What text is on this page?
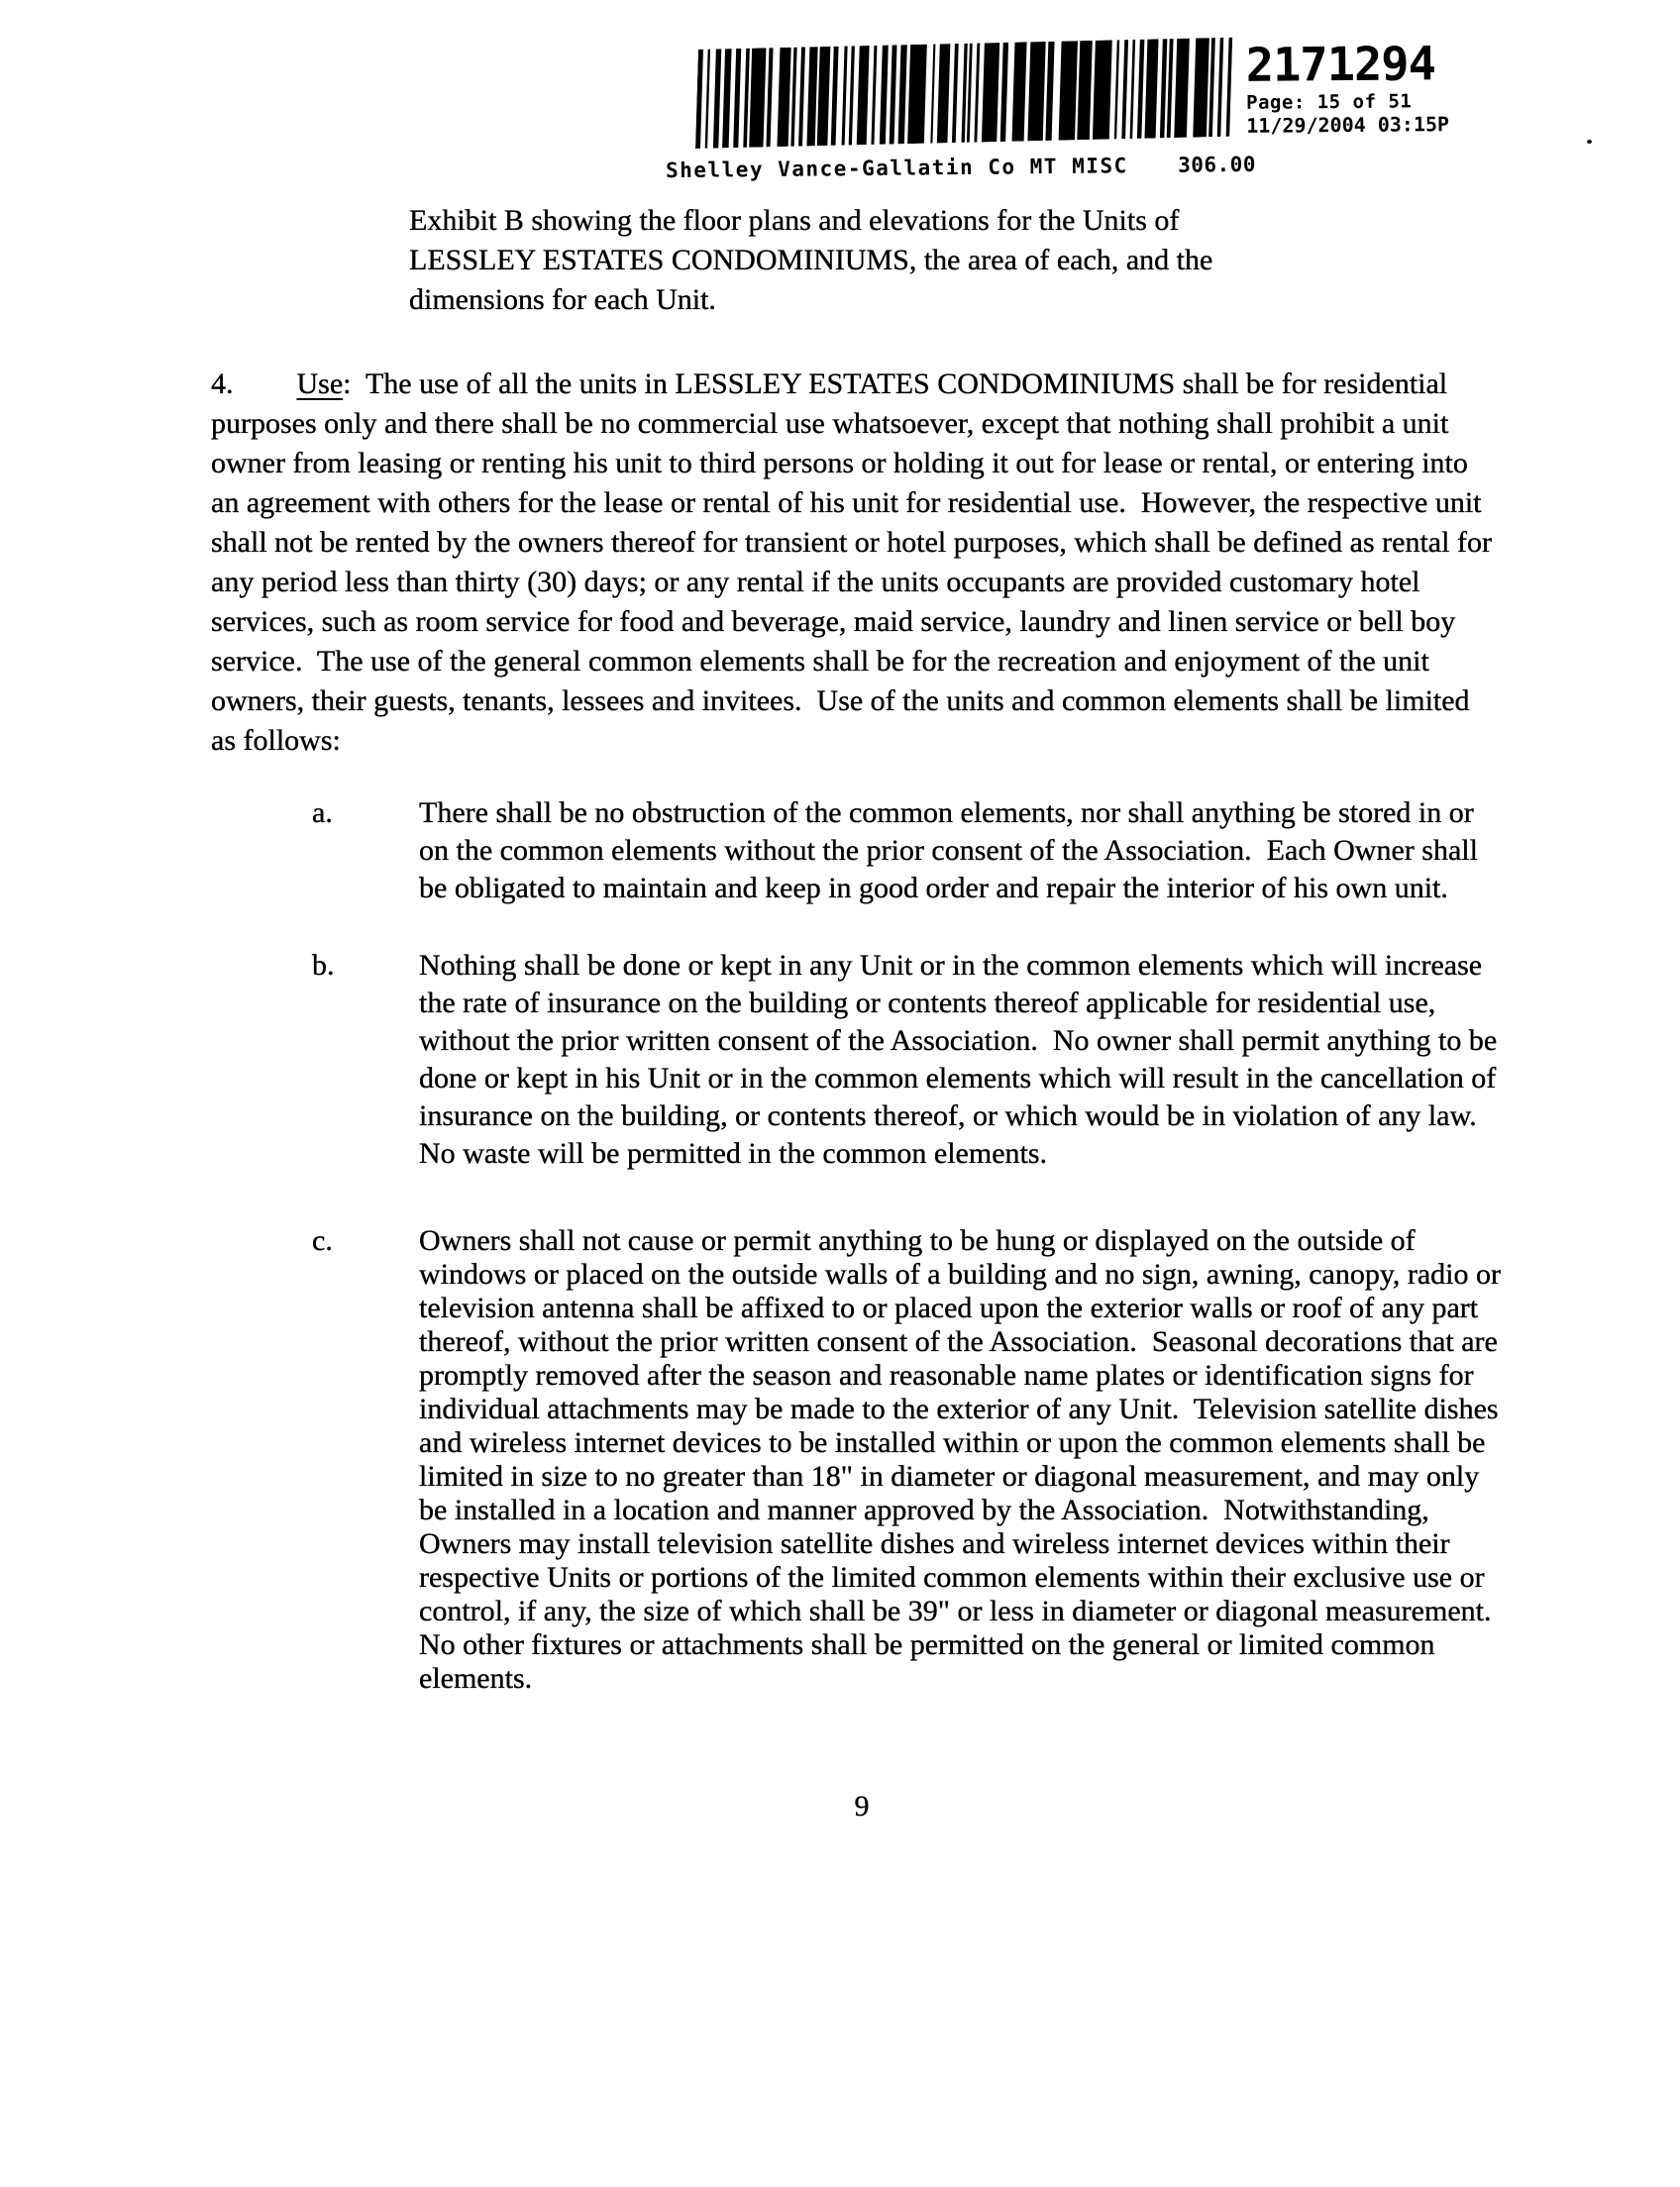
2171294
Page: 15 of 51
11/29/2004 03:15P
Shelley Vance-Gallatin Co MT MISC 306.00

Exhibit B showing the floor plans and elevations for the Units of LESSLEY ESTATES CONDOMINIUMS, the area of each, and the dimensions for each Unit.

4. Use:  The use of all the units in LESSLEY ESTATES CONDOMINIUMS shall be for residential purposes only and there shall be no commercial use whatsoever, except that nothing shall prohibit a unit owner from leasing or renting his unit to third persons or holding it out for lease or rental, or entering into an agreement with others for the lease or rental of his unit for residential use.  However, the respective unit shall not be rented by the owners thereof for transient or hotel purposes, which shall be defined as rental for any period less than thirty (30) days; or any rental if the units occupants are provided customary hotel services, such as room service for food and beverage, maid service, laundry and linen service or bell boy service.  The use of the general common elements shall be for the recreation and enjoyment of the unit owners, their guests, tenants, lessees and invitees.  Use of the units and common elements shall be limited as follows:

a.	There shall be no obstruction of the common elements, nor shall anything be stored in or on the common elements without the prior consent of the Association.  Each Owner shall be obligated to maintain and keep in good order and repair the interior of his own unit.
b.	Nothing shall be done or kept in any Unit or in the common elements which will increase the rate of insurance on the building or contents thereof applicable for residential use, without the prior written consent of the Association.  No owner shall permit anything to be done or kept in his Unit or in the common elements which will result in the cancellation of insurance on the building, or contents thereof, or which would be in violation of any law.  No waste will be permitted in the common elements.
c.	Owners shall not cause or permit anything to be hung or displayed on the outside of windows or placed on the outside walls of a building and no sign, awning, canopy, radio or television antenna shall be affixed to or placed upon the exterior walls or roof of any part thereof, without the prior written consent of the Association.  Seasonal decorations that are promptly removed after the season and reasonable name plates or identification signs for individual attachments may be made to the exterior of any Unit.  Television satellite dishes and wireless internet devices to be installed within or upon the common elements shall be limited in size to no greater than 18" in diameter or diagonal measurement, and may only be installed in a location and manner approved by the Association.  Notwithstanding, Owners may install television satellite dishes and wireless internet devices within their respective Units or portions of the limited common elements within their exclusive use or control, if any, the size of which shall be 39" or less in diameter or diagonal measurement.  No other fixtures or attachments shall be permitted on the general or limited common elements.
9
